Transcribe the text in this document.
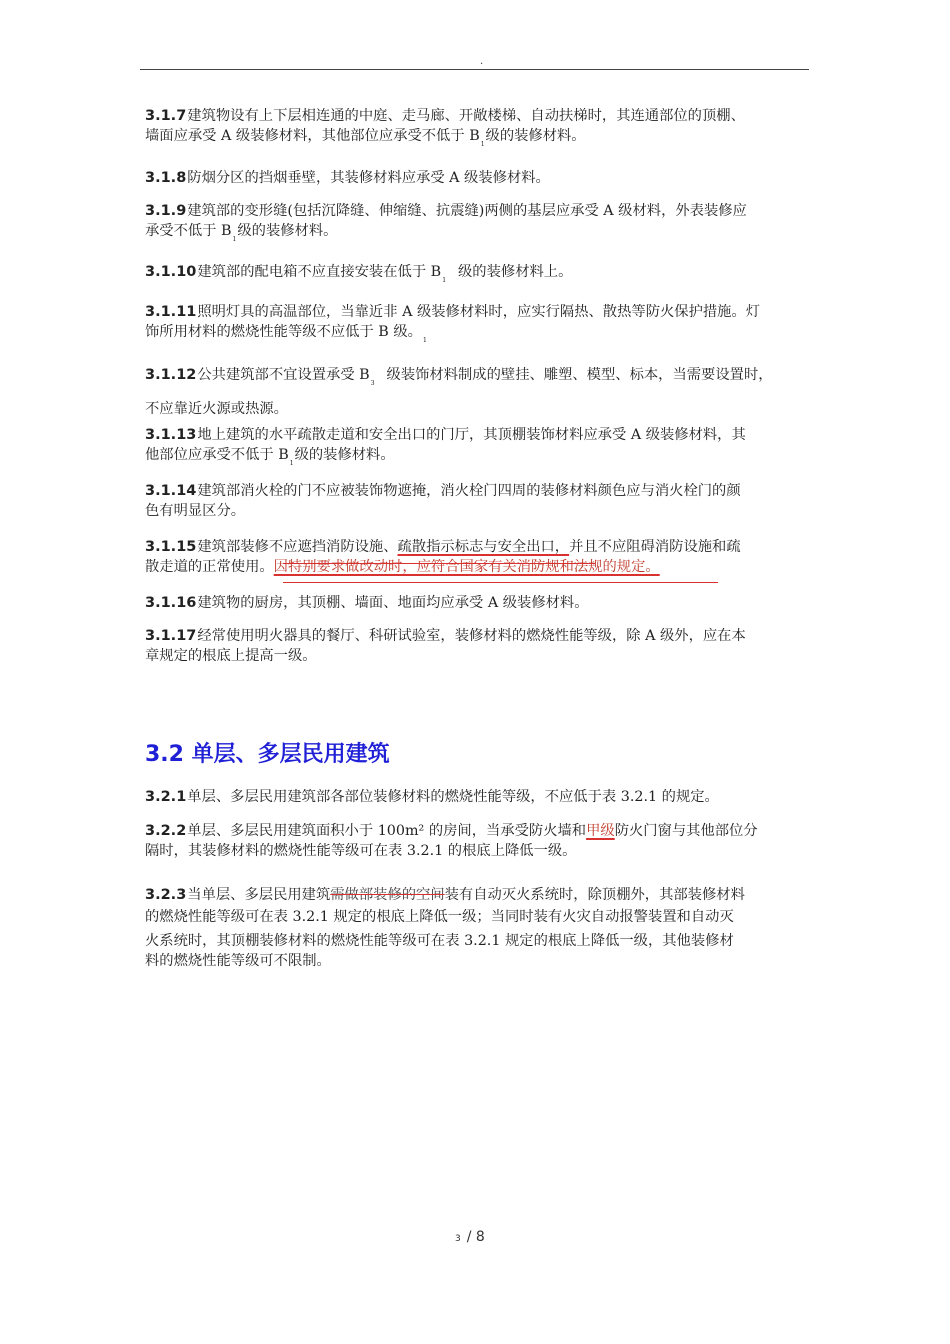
.
3.1.7建筑物设有上下层相连通的中庭、走马廊、开敞楼梯、自动扶梯时，其连通部位的顶棚、
墙面应承受 A 级装修材料，其他部位应承受不低于 $B_1$级的装修材料。
3.1.8防烟分区的挡烟垂壁，其装修材料应承受 A 级装修材料。
3.1.9建筑部的变形缝(包括沉降缝、伸缩缝、抗震缝)两侧的基层应承受 A 级材料，外表装修应
承受不低于 $B_1$级的装修材料。
3.1.10建筑部的配电箱不应直接安装在低于 $B_1$级的装修材料上。
3.1.11照明灯具的高温部位，当靠近非 A 级装修材料时，应实行隔热、散热等防火保护措施。灯
饰所用材料的燃烧性能等级不应低于 B 级。$_1$
3.1.12公共建筑部不宜设置承受 $B_3$级装饰材料制成的壁挂、雕塑、模型、标本，当需要设置时，
不应靠近火源或热源。
3.1.13地上建筑的水平疏散走道和安全出口的门厅，其顶棚装饰材料应承受 A 级装修材料，其
他部位应承受不低于 $B_1$级的装修材料。
3.1.14建筑部消火栓的门不应被装饰物遮掩，消火栓门四周的装修材料颜色应与消火栓门的颜
色有明显区分。
3.1.15建筑部装修不应遮挡消防设施、疏散指示标志与安全出口，并且不应阻碍消防设施和疏
散走道的正常使用。因特别要求做改动时，应符合国家有关消防规和法规的规定。
3.1.16建筑物的厨房，其顶棚、墙面、地面均应承受 A 级装修材料。
3.1.17经常使用明火器具的餐厅、科研试验室，装修材料的燃烧性能等级，除 A 级外，应在本
章规定的根底上提高一级。
3.2 单层、多层民用建筑
3.2.1单层、多层民用建筑部各部位装修材料的燃烧性能等级，不应低于表 3.2.1 的规定。
3.2.2单层、多层民用建筑面积小于 100m² 的房间，当承受防火墙和甲级防火门窗与其他部位分
隔时，其装修材料的燃烧性能等级可在表 3.2.1 的根底上降低一级。
3.2.3当单层、多层民用建筑需做部装修的空间装有自动灭火系统时，除顶棚外，其部装修材料
的燃烧性能等级可在表 3.2.1 规定的根底上降低一级；当同时装有火灾自动报警装置和自动灭
火系统时，其顶棚装修材料的燃烧性能等级可在表 3.2.1 规定的根底上降低一级，其他装修材
料的燃烧性能等级可不限制。
3 / 8
